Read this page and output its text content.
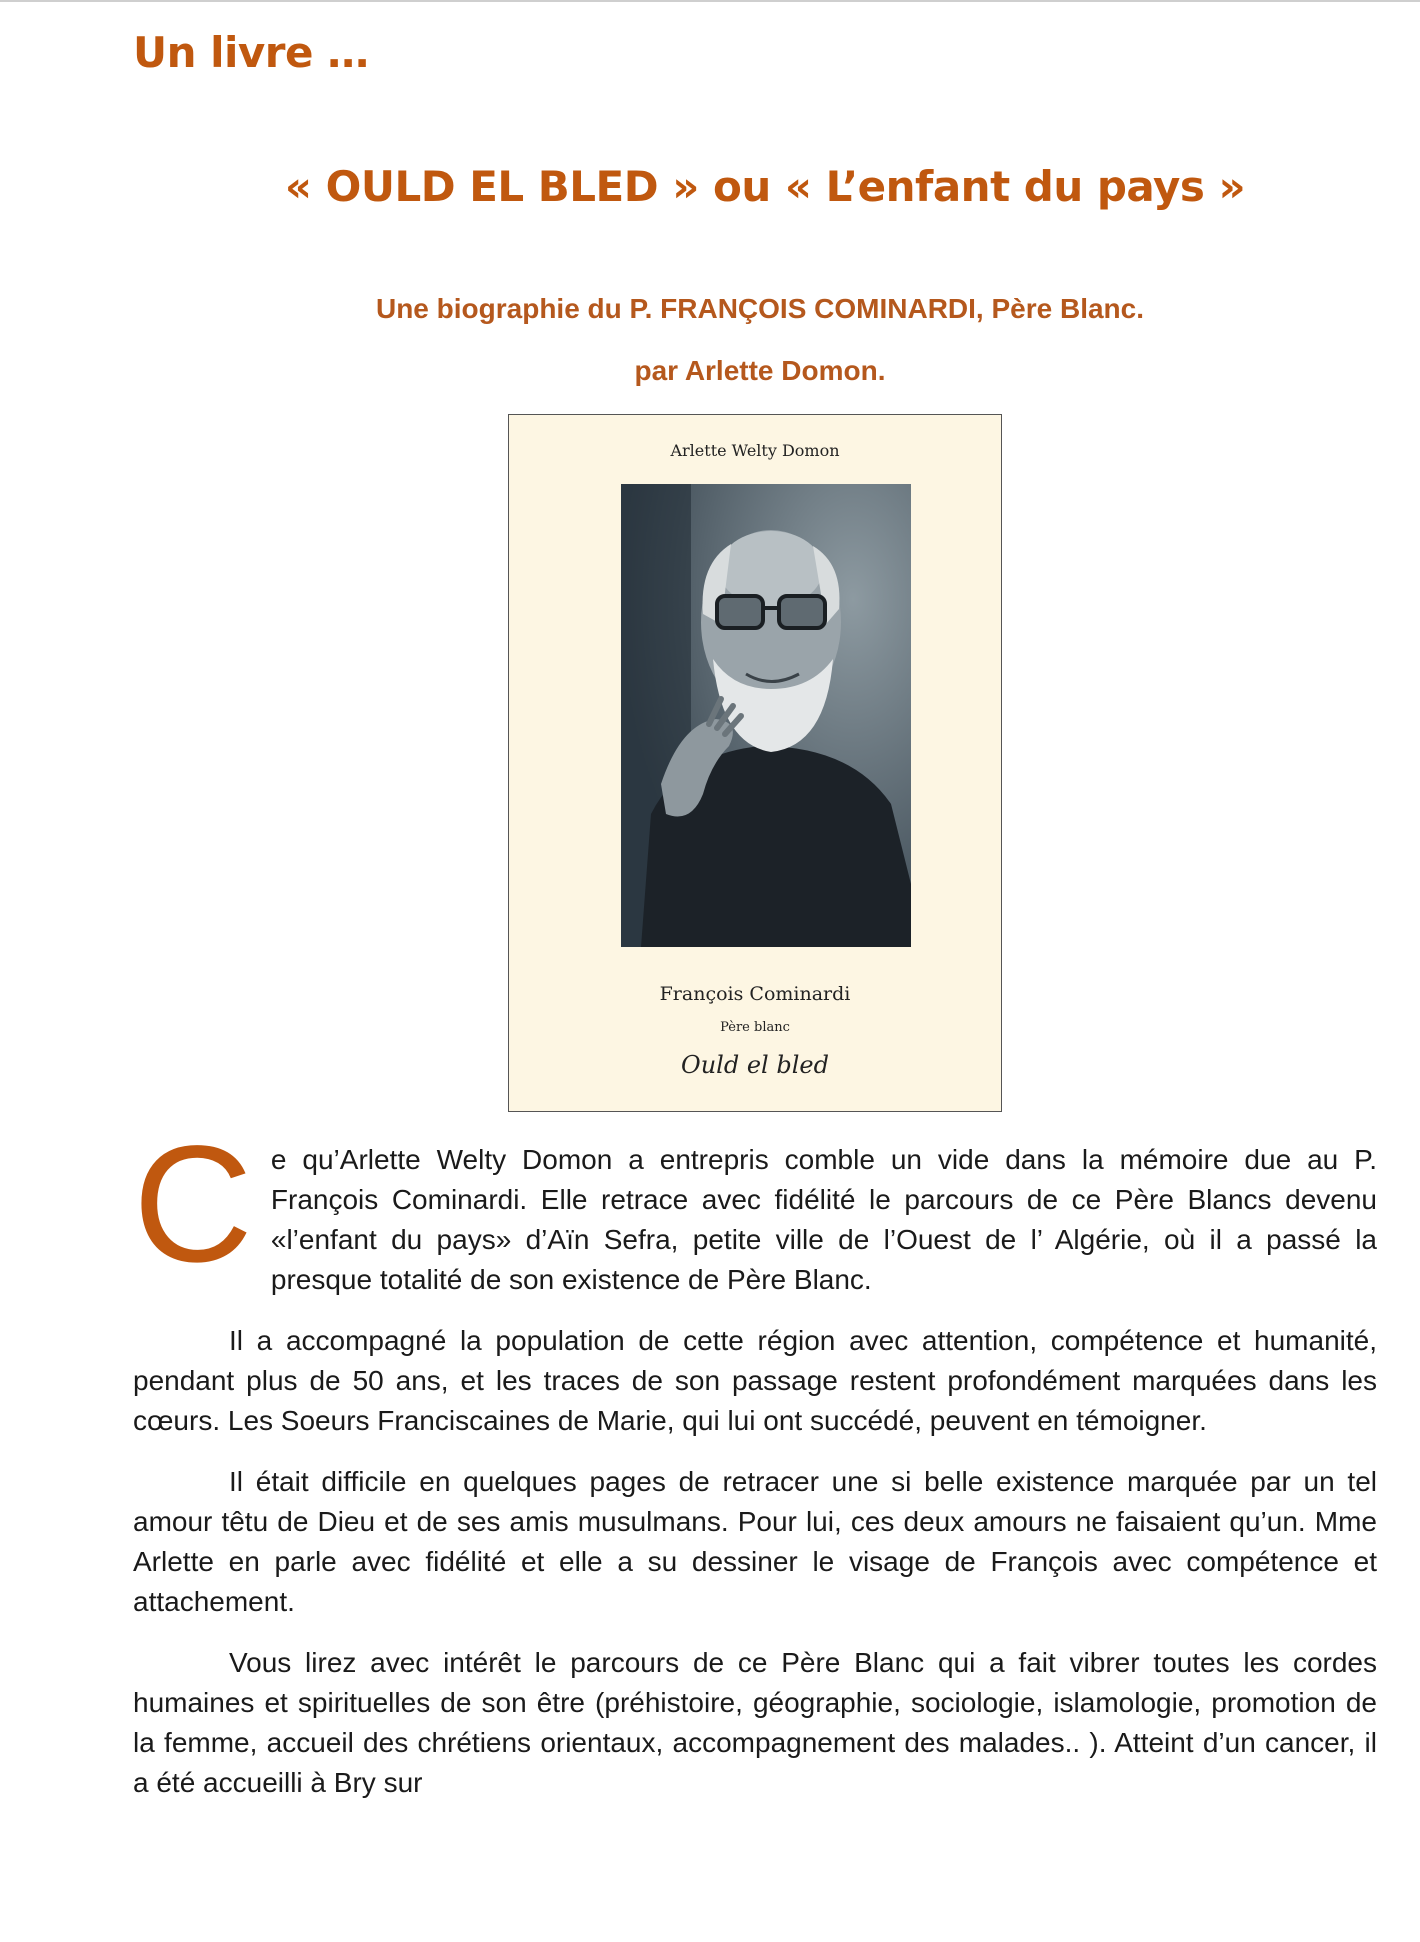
Un livre …
« OULD EL BLED » ou « L’enfant du pays »
Une biographie du P. FRANÇOIS COMINARDI, Père Blanc.
par Arlette Domon.
Arlette Welty Domon
François Cominardi
Père blanc
Ould el bled

Ce qu’Arlette Welty Domon a entrepris comble un vide dans la mémoire due au P. François Cominardi. Elle retrace avec fidélité le parcours de ce Père Blancs devenu «l’enfant du pays» d’Aïn Sefra, petite ville de l’Ouest de l’ Algérie, où il a passé la presque totalité de son existence de Père Blanc.

Il a accompagné la population de cette région avec attention, compétence et humanité, pendant plus de 50 ans, et les traces de son passage restent profondément marquées dans les cœurs. Les Soeurs Franciscaines de Marie, qui lui ont succédé, peuvent en témoigner.

Il était difficile en quelques pages de retracer une si belle existence marquée par un tel amour têtu de Dieu et de ses amis musulmans. Pour lui, ces deux amours ne faisaient qu’un. Mme Arlette en parle avec fidélité et elle a su dessiner le visage de François avec compétence et attachement.

Vous lirez avec intérêt le parcours de ce Père Blanc qui a fait vibrer toutes les cordes humaines et spirituelles de son être (préhistoire, géographie, sociologie, islamologie, promotion de la femme, accueil des chrétiens orientaux, accompagnement des malades.. ). Atteint d’un cancer, il a été accueilli à Bry sur
